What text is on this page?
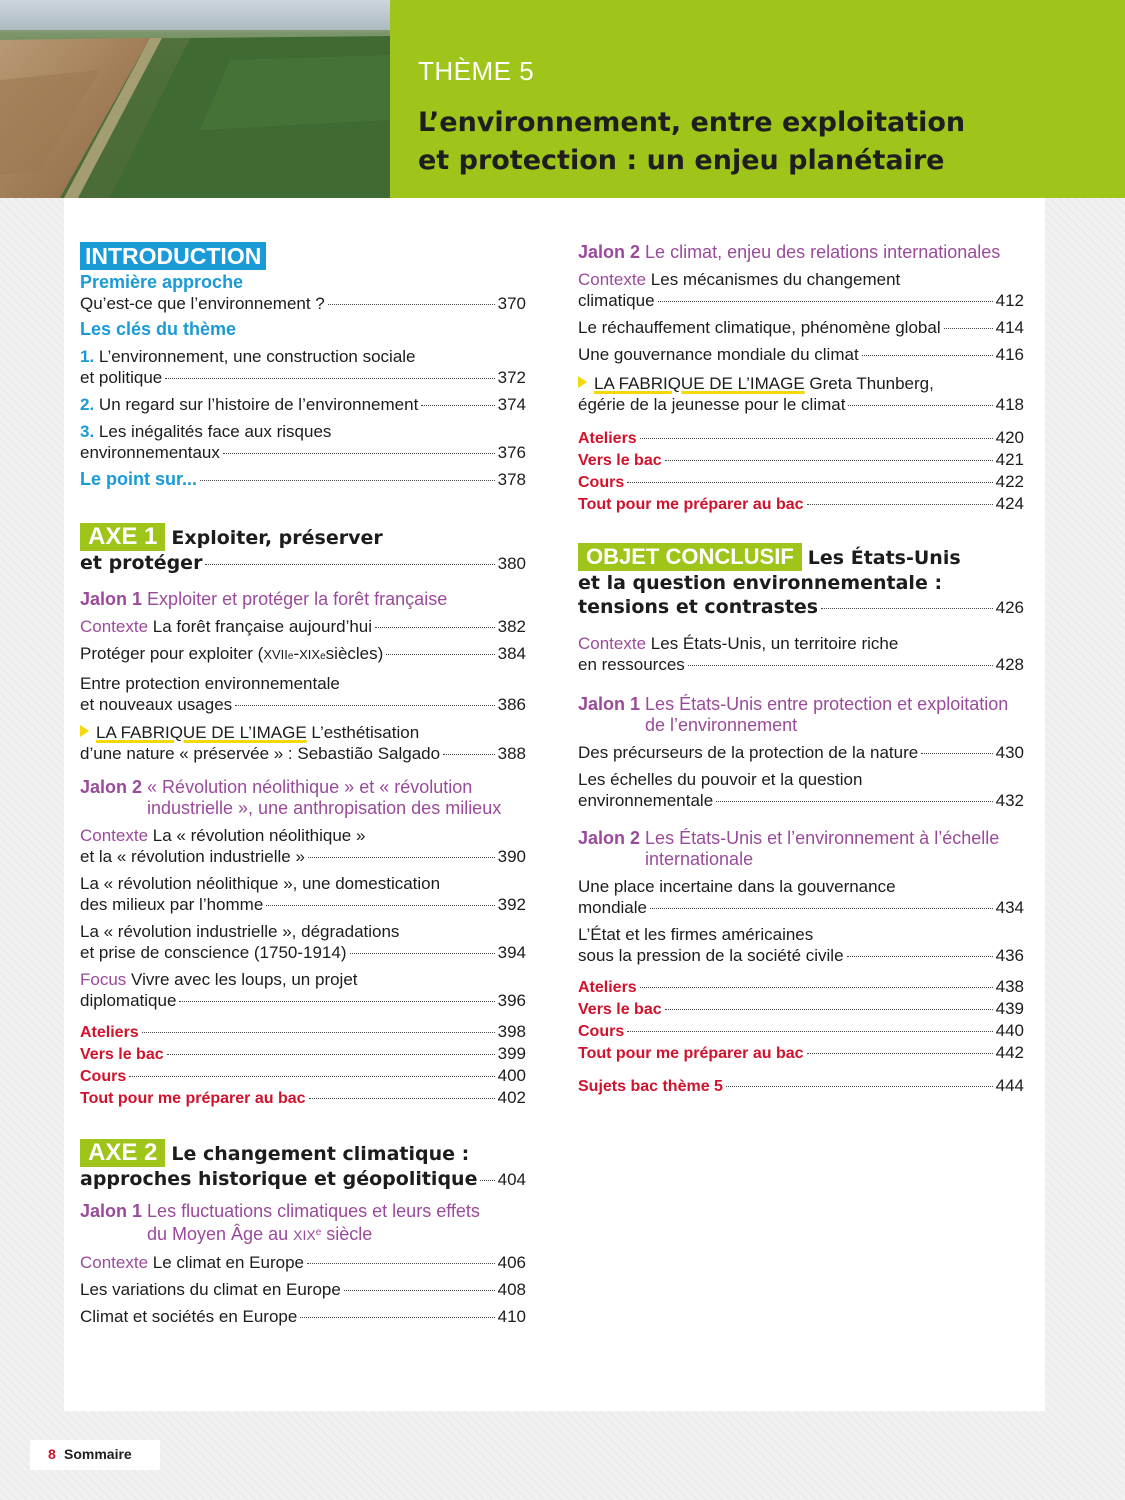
THÈME 5
L’environnement, entre exploitation
et protection : un enjeu planétaire
INTRODUCTION
Première approche
Qu’est-ce que l’environnement ?	370
Les clés du thème
1.
L’environnement, une construction sociale
et politique	372
2.
Un regard sur l’histoire de l’environnement	374
3.
Les inégalités face aux risques
environnementaux	376
Le point sur...	378
AXE 1 Exploiter, préserver
et protéger	380
Jalon 1
Exploiter et protéger la forêt française
Contexte
La forêt française aujourd’hui	382
Protéger pour exploiter ( XVII e - XIX e siècles)	384
Entre protection environnementale
et nouveaux usages	386
LA FABRIQUE DE L’IMAGE
L’esthétisation
d’une nature « préservée » : Sebastião Salgado	388
Jalon 2
« Révolution néolithique » et « révolution
industrielle », une anthropisation des milieux
Contexte
La « révolution néolithique »
et la « révolution industrielle »	390
La « révolution néolithique », une domestication
des milieux par l’homme	392
La « révolution industrielle », dégradations
et prise de conscience (1750-1914)	394
Focus
Vivre avec les loups, un projet
diplomatique	396
Ateliers	398
Vers le bac	399
Cours	400
Tout pour me préparer au bac	402
AXE 2 Le changement climatique :
approches historique et géopolitique 404
Jalon 1
Les fluctuations climatiques et leurs effets
du Moyen Âge au XIXe siècle
Contexte
Le climat en Europe	406
Les variations du climat en Europe	408
Climat et sociétés en Europe	410
Jalon 2
Le climat, enjeu des relations internationales
Contexte
Les mécanismes du changement
climatique	412
Le réchauffement climatique, phénomène global	414
Une gouvernance mondiale du climat	416
LA FABRIQUE DE L’IMAGE
Greta Thunberg,
égérie de la jeunesse pour le climat	418
Ateliers	420
Vers le bac	421
Cours	422
Tout pour me préparer au bac	424
OBJET CONCLUSIF Les États-Unis
et la question environnementale :
tensions et contrastes	426
Contexte
Les États-Unis, un territoire riche
en ressources	428
Jalon 1
Les États-Unis entre protection et exploitation
de l’environnement
Des précurseurs de la protection de la nature	430
Les échelles du pouvoir et la question
environnementale	432
Jalon 2
Les États-Unis et l’environnement à l’échelle
internationale
Une place incertaine dans la gouvernance
mondiale	434
L’État et les firmes américaines
sous la pression de la société civile	436
Ateliers	438
Vers le bac	439
Cours	440
Tout pour me préparer au bac	442
Sujets bac thème 5	444
8 Sommaire
